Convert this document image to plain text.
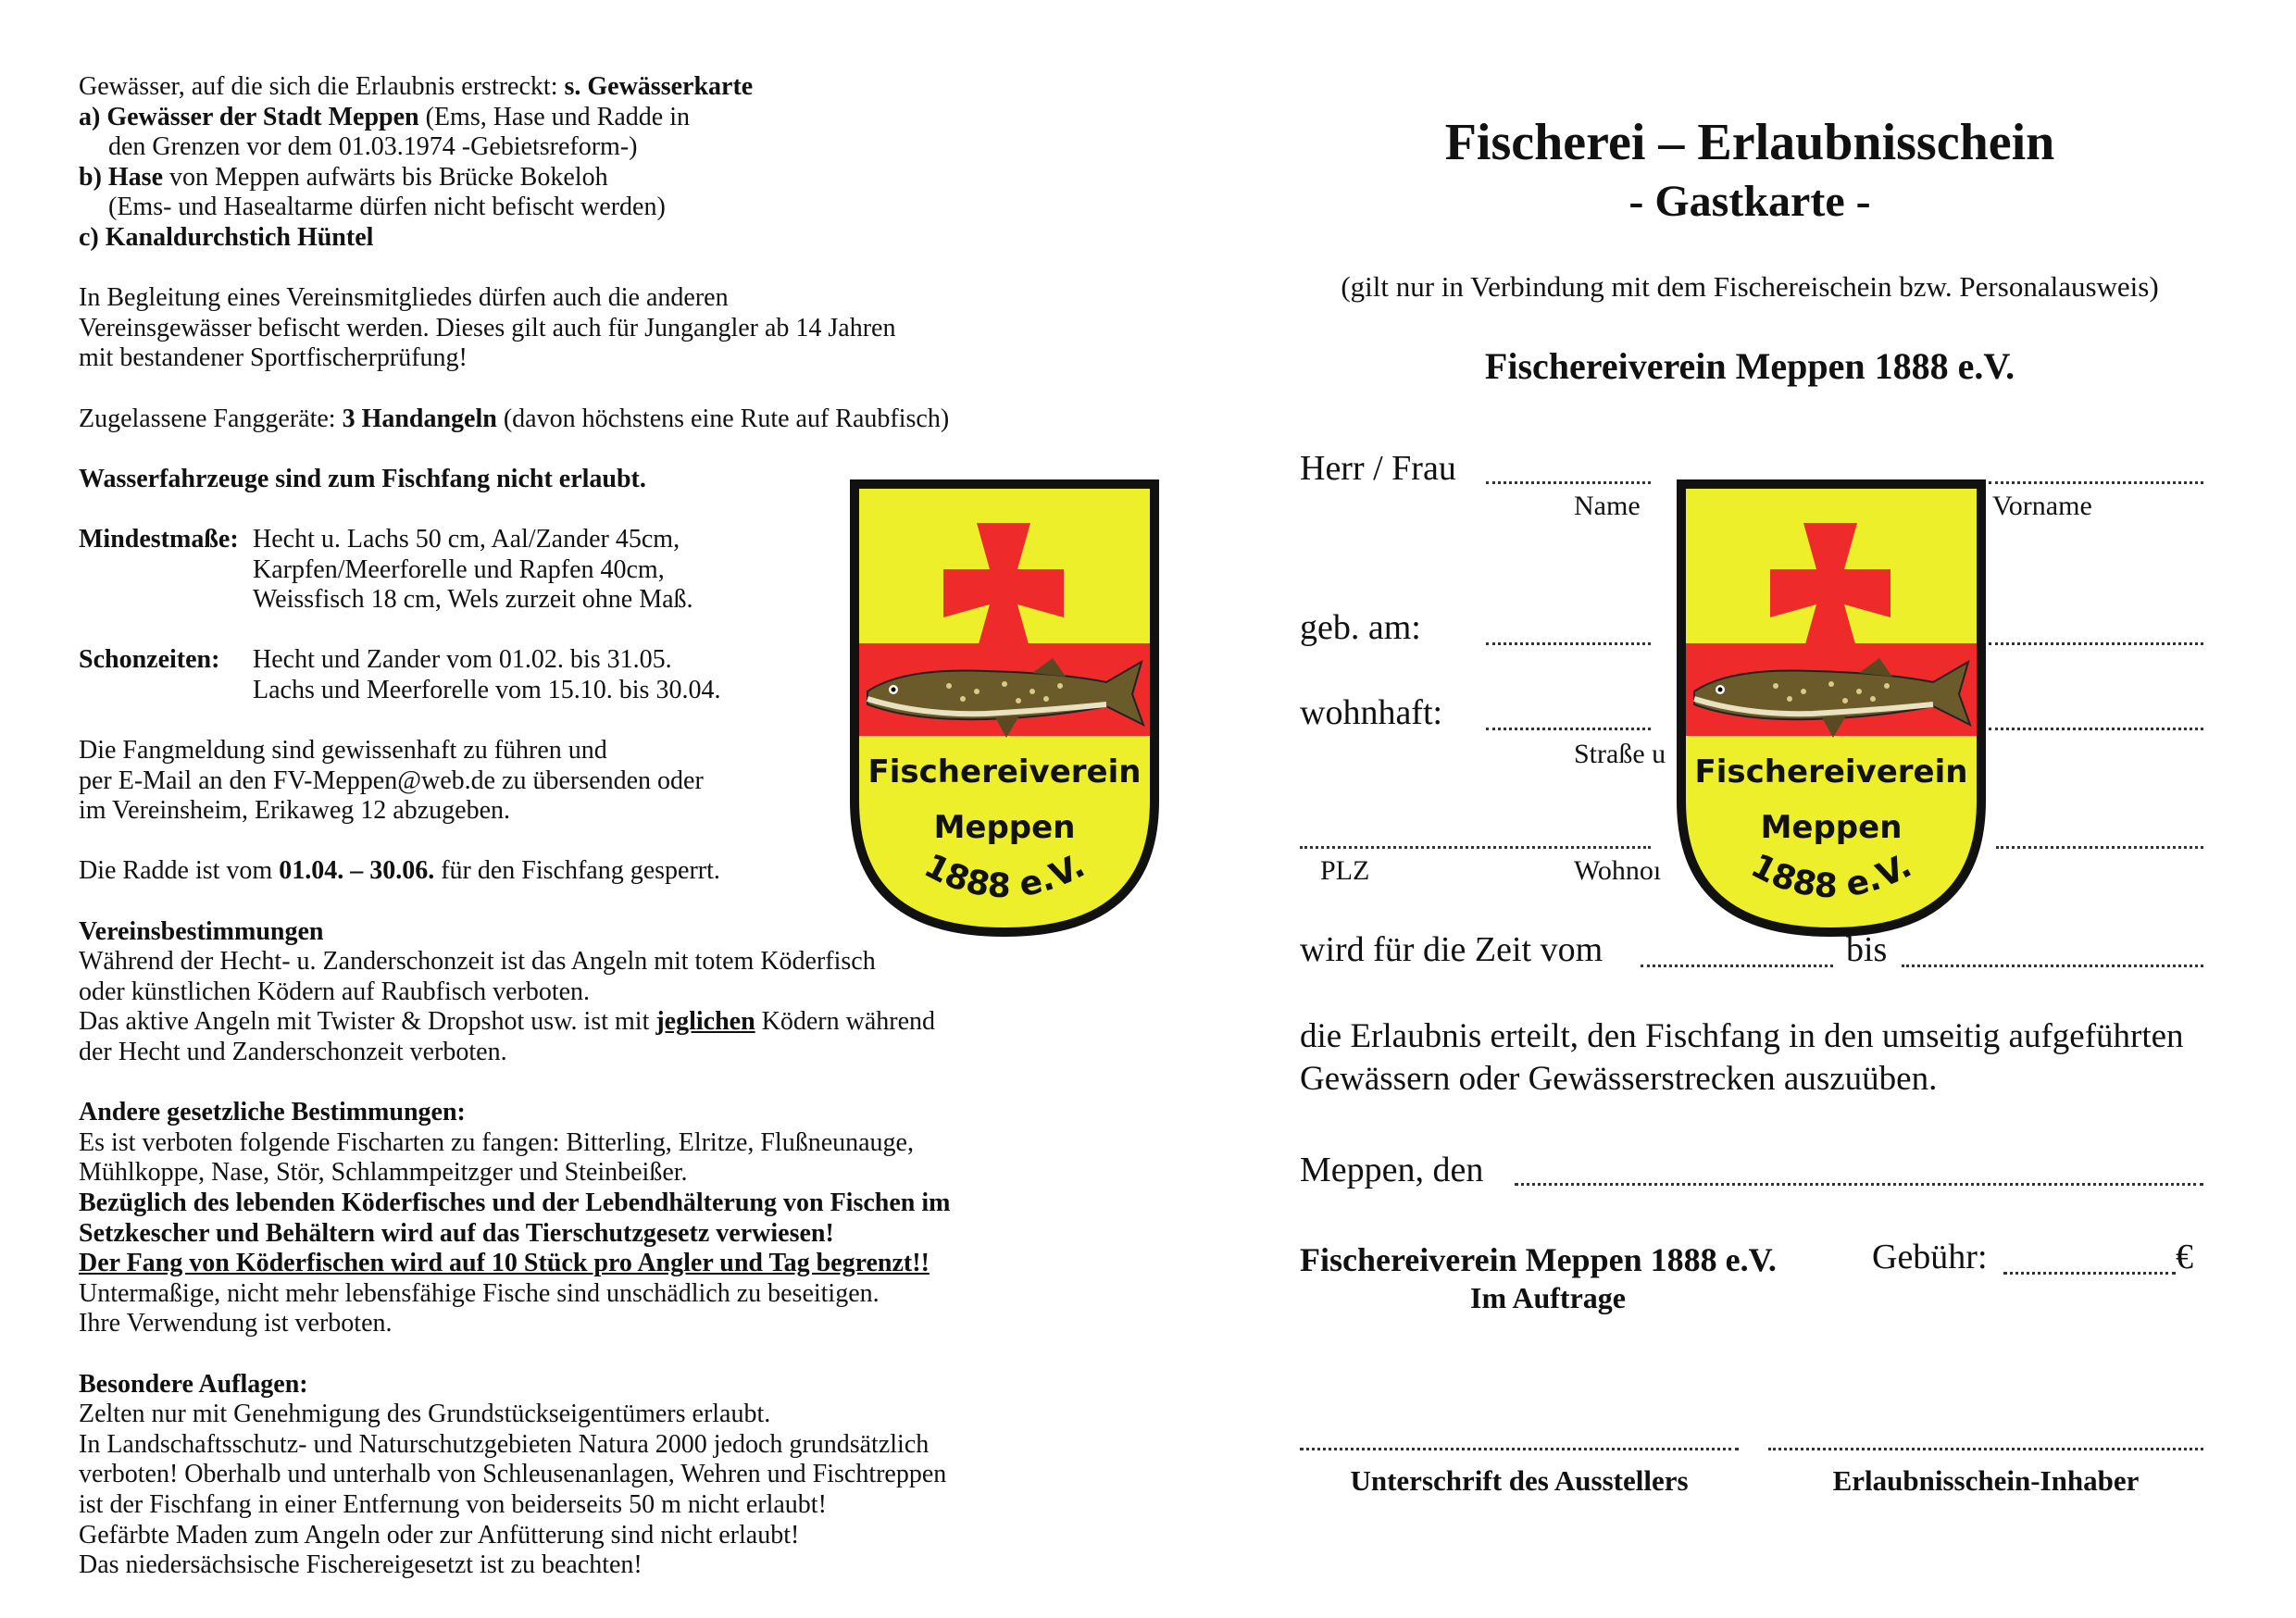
Gewässer, auf die sich die Erlaubnis erstreckt: s. Gewässerkarte
a) Gewässer der Stadt Meppen (Ems, Hase und Radde in
den Grenzen vor dem 01.03.1974 -Gebietsreform-)
b) Hase von Meppen aufwärts bis Brücke Bokeloh
(Ems- und Hasealtarme dürfen nicht befischt werden)
c) Kanaldurchstich Hüntel

In Begleitung eines Vereinsmitgliedes dürfen auch die anderen
Vereinsgewässer befischt werden. Dieses gilt auch für Jungangler ab 14 Jahren
mit bestandener Sportfischerprüfung!

Zugelassene Fanggeräte: 3 Handangeln (davon höchstens eine Rute auf Raubfisch)

Wasserfahrzeuge sind zum Fischfang nicht erlaubt.

Mindestmaße: Hecht u. Lachs 50 cm, Aal/Zander 45cm,
Karpfen/Meerforelle und Rapfen 40cm,
Weissfisch 18 cm, Wels zurzeit ohne Maß.

Schonzeiten:	Hecht und Zander vom 01.02. bis 31.05.
Lachs und Meerforelle vom 15.10. bis 30.04.

Die Fangmeldung sind gewissenhaft zu führen und
per E-Mail an den FV-Meppen@web.de zu übersenden oder
im Vereinsheim, Erikaweg 12 abzugeben.

Die Radde ist vom 01.04. – 30.06. für den Fischfang gesperrt.

Vereinsbestimmungen
Während der Hecht- u. Zanderschonzeit ist das Angeln mit totem Köderfisch
oder künstlichen Ködern auf Raubfisch verboten.
Das aktive Angeln mit Twister & Dropshot usw. ist mit jeglichen Ködern während
der Hecht und Zanderschonzeit verboten.

Andere gesetzliche Bestimmungen:
Es ist verboten folgende Fischarten zu fangen: Bitterling, Elritze, Flußneunauge,
Mühlkoppe, Nase, Stör, Schlammpeitzger und Steinbeißer.
Bezüglich des lebenden Köderfisches und der Lebendhälterung von Fischen im
Setzkescher und Behältern wird auf das Tierschutzgesetz verwiesen!
Der Fang von Köderfischen wird auf 10 Stück pro Angler und Tag begrenzt!!
Untermaßige, nicht mehr lebensfähige Fische sind unschädlich zu beseitigen.
Ihre Verwendung ist verboten.

Besondere Auflagen:
Zelten nur mit Genehmigung des Grundstückseigentümers erlaubt.
In Landschaftsschutz- und Naturschutzgebieten Natura 2000 jedoch grundsätzlich
verboten! Oberhalb und unterhalb von Schleusenanlagen, Wehren und Fischtreppen
ist der Fischfang in einer Entfernung von beiderseits 50 m nicht erlaubt!
Gefärbte Maden zum Angeln oder zur Anfütterung sind nicht erlaubt!
Das niedersächsische Fischereigesetzt ist zu beachten!

Fischereiverein
Meppen
1888 e.V.
Fischerei – Erlaubnisschein
- Gastkarte -
(gilt nur in Verbindung mit dem Fischereischein bzw. Personalausweis)
Fischereiverein Meppen 1888 e.V.
Herr / Frau
Name	Vorname
geb. am:
wohnhaft:
Straße u
PLZ	Wohnoı
wird für die Zeit vom	bis
die Erlaubnis erteilt, den Fischfang in den umseitig aufgeführten
Gewässern oder Gewässerstrecken auszuüben.
Meppen, den
Fischereiverein Meppen 1888 e.V.
Im Auftrage
Gebühr:	€
Unterschrift des Ausstellers	Erlaubnisschein-Inhaber
Fischereiverein
Meppen
1888 e.V.
